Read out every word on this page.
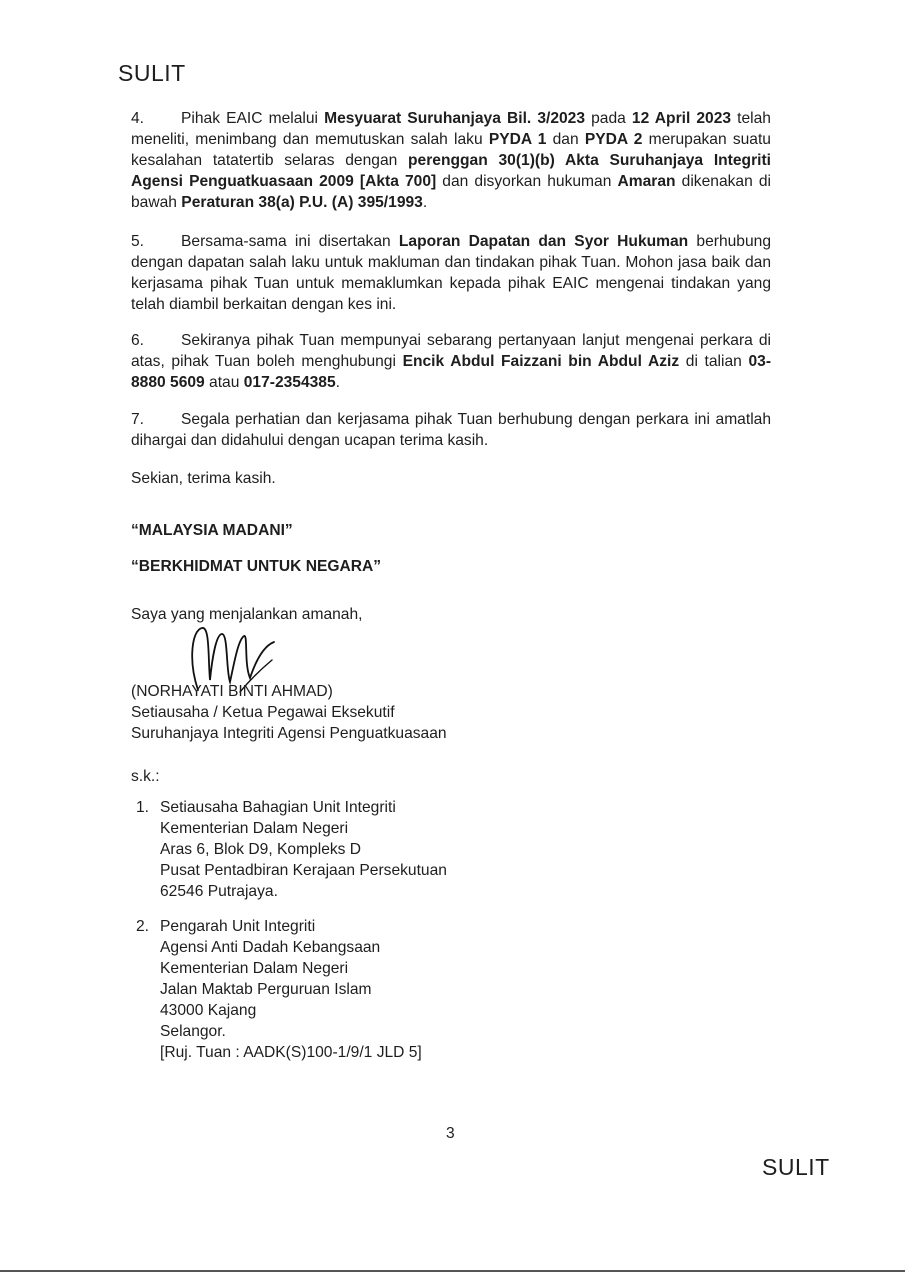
SULIT
4. Pihak EAIC melalui Mesyuarat Suruhanjaya Bil. 3/2023 pada 12 April 2023 telah meneliti, menimbang dan memutuskan salah laku PYDA 1 dan PYDA 2 merupakan suatu kesalahan tatatertib selaras dengan perenggan 30(1)(b) Akta Suruhanjaya Integriti Agensi Penguatkuasaan 2009 [Akta 700] dan disyorkan hukuman Amaran dikenakan di bawah Peraturan 38(a) P.U. (A) 395/1993.
5. Bersama-sama ini disertakan Laporan Dapatan dan Syor Hukuman berhubung dengan dapatan salah laku untuk makluman dan tindakan pihak Tuan. Mohon jasa baik dan kerjasama pihak Tuan untuk memaklumkan kepada pihak EAIC mengenai tindakan yang telah diambil berkaitan dengan kes ini.
6. Sekiranya pihak Tuan mempunyai sebarang pertanyaan lanjut mengenai perkara di atas, pihak Tuan boleh menghubungi Encik Abdul Faizzani bin Abdul Aziz di talian 03-8880 5609 atau 017-2354385.
7. Segala perhatian dan kerjasama pihak Tuan berhubung dengan perkara ini amatlah dihargai dan didahului dengan ucapan terima kasih.
Sekian, terima kasih.
“MALAYSIA MADANI”
“BERKHIDMAT UNTUK NEGARA”
Saya yang menjalankan amanah,
(NORHAYATI BINTI AHMAD)
Setiausaha / Ketua Pegawai Eksekutif
Suruhanjaya Integriti Agensi Penguatkuasaan
s.k.:
1. Setiausaha Bahagian Unit Integriti
Kementerian Dalam Negeri
Aras 6, Blok D9, Kompleks D
Pusat Pentadbiran Kerajaan Persekutuan
62546 Putrajaya.
2. Pengarah Unit Integriti
Agensi Anti Dadah Kebangsaan
Kementerian Dalam Negeri
Jalan Maktab Perguruan Islam
43000 Kajang
Selangor.
[Ruj. Tuan : AADK(S)100-1/9/1 JLD 5]
3
SULIT
